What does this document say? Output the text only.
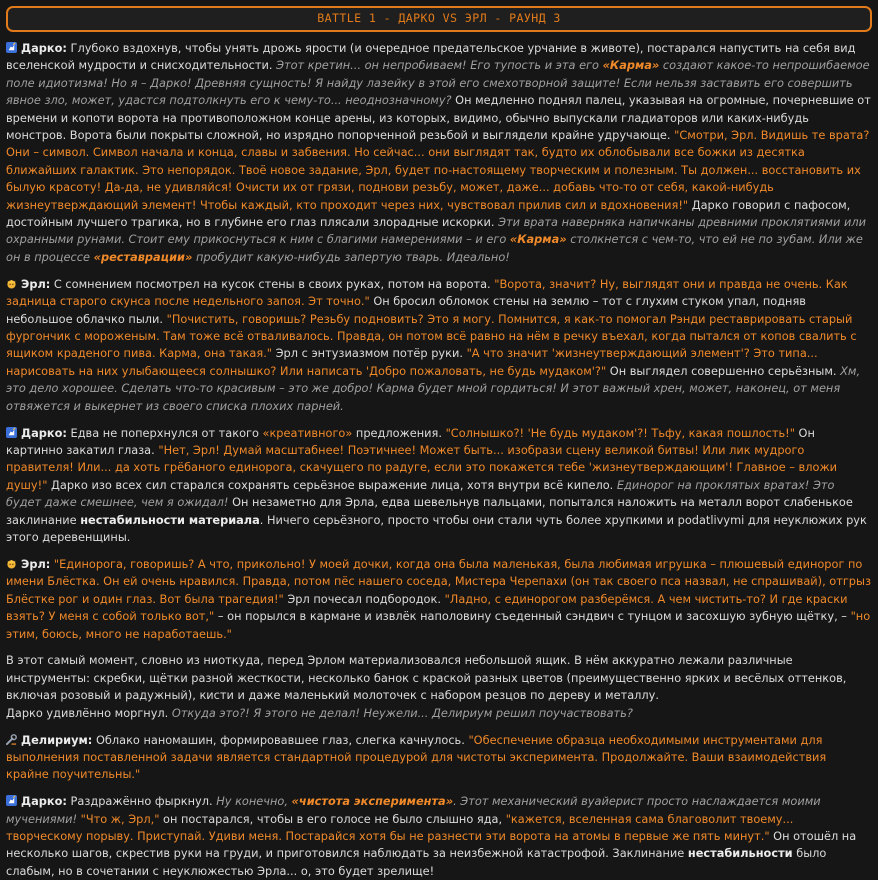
BATTLE 1 - ДАРКО VS ЭРЛ - РАУНД 3
Дарко: Глубоко вздохнув, чтобы унять дрожь ярости (и очередное предательское урчание в животе), постарался напустить на себя вид вселенской мудрости и снисходительности. Этот кретин... он непробиваем! Его тупость и эта его «Карма» создают какое-то непрошибаемое поле идиотизма! Но я – Дарко! Древняя сущность! Я найду лазейку в этой его смехотворной защите! Если нельзя заставить его совершить явное зло, может, удастся подтолкнуть его к чему-то... неоднозначному? Он медленно поднял палец, указывая на огромные, почерневшие от времени и копоти ворота на противоположном конце арены, из которых, видимо, обычно выпускали гладиаторов или каких-нибудь монстров. Ворота были покрыты сложной, но изрядно попорченной резьбой и выглядели крайне удручающе. "Смотри, Эрл. Видишь те врата? Они – символ. Символ начала и конца, славы и забвения. Но сейчас... они выглядят так, будто их облобывали все божки из десятка ближайших галактик. Это непорядок. Твоё новое задание, Эрл, будет по-настоящему творческим и полезным. Ты должен... восстановить их былую красоту! Да-да, не удивляйся! Очисти их от грязи, поднови резьбу, может, даже... добавь что-то от себя, какой-нибудь жизнеутверждающий элемент! Чтобы каждый, кто проходит через них, чувствовал прилив сил и вдохновения!" Дарко говорил с пафосом, достойным лучшего трагика, но в глубине его глаз плясали злорадные искорки. Эти врата наверняка напичканы древними проклятиями или охранными рунами. Стоит ему прикоснуться к ним с благими намерениями – и его «Карма» столкнется с чем-то, что ей не по зубам. Или же он в процессе «реставрации» пробудит какую-нибудь запертую тварь. Идеально!
Эрл: С сомнением посмотрел на кусок стены в своих руках, потом на ворота. "Ворота, значит? Ну, выглядят они и правда не очень. Как задница старого скунса после недельного запоя. Эт точно." Он бросил обломок стены на землю – тот с глухим стуком упал, подняв небольшое облачко пыли. "Почистить, говоришь? Резьбу подновить? Это я могу. Помнится, я как-то помогал Рэнди реставрировать старый фургончик с мороженым. Там тоже всё отваливалось. Правда, он потом всё равно на нём в речку въехал, когда пытался от копов свалить с ящиком краденого пива. Карма, она такая." Эрл с энтузиазмом потёр руки. "А что значит 'жизнеутверждающий элемент'? Это типа... нарисовать на них улыбающееся солнышко? Или написать 'Добро пожаловать, не будь мудаком'?" Он выглядел совершенно серьёзным. Хм, это дело хорошее. Сделать что-то красивым – это же добро! Карма будет мной гордиться! И этот важный хрен, может, наконец, от меня отвяжется и выкернет из своего списка плохих парней.
Дарко: Едва не поперхнулся от такого «креативного» предложения. "Солнышко?! 'Не будь мудаком'?! Тьфу, какая пошлость!" Он картинно закатил глаза. "Нет, Эрл! Думай масштабнее! Поэтичнее! Может быть... изобрази сцену великой битвы! Или лик мудрого правителя! Или... да хоть грёбаного единорога, скачущего по радуге, если это покажется тебе 'жизнеутверждающим'! Главное – вложи душу!" Дарко изо всех сил старался сохранять серьёзное выражение лица, хотя внутри всё кипело. Единорог на проклятых вратах! Это будет даже смешнее, чем я ожидал! Он незаметно для Эрла, едва шевельнув пальцами, попытался наложить на металл ворот слабенькое заклинание нестабильности материала. Ничего серьёзного, просто чтобы они стали чуть более хрупкими и podatlivymi для неуклюжих рук этого деревенщины.
Эрл: "Единорога, говоришь? А что, прикольно! У моей дочки, когда она была маленькая, была любимая игрушка – плюшевый единорог по имени Блёстка. Он ей очень нравился. Правда, потом пёс нашего соседа, Мистера Черепахи (он так своего пса назвал, не спрашивай), отгрыз Блёстке рог и один глаз. Вот была трагедия!" Эрл почесал подбородок. "Ладно, с единорогом разберёмся. А чем чистить-то? И где краски взять? У меня с собой только вот," – он порылся в кармане и извлёк наполовину съеденный сэндвич с тунцом и засохшую зубную щётку, – "но этим, боюсь, много не наработаешь."
В этот самый момент, словно из ниоткуда, перед Эрлом материализовался небольшой ящик. В нём аккуратно лежали различные инструменты: скребки, щётки разной жесткости, несколько банок с краской разных цветов (преимущественно ярких и весёлых оттенков, включая розовый и радужный), кисти и даже маленький молоточек с набором резцов по дереву и металлу.
Дарко удивлённо моргнул. Откуда это?! Я этого не делал! Неужели... Делириум решил поучаствовать?
Делириум: Облако наномашин, формировавшее глаз, слегка качнулось. "Обеспечение образца необходимыми инструментами для выполнения поставленной задачи является стандартной процедурой для чистоты эксперимента. Продолжайте. Ваши взаимодействия крайне поучительны."
Дарко: Раздражённо фыркнул. Ну конечно, «чистота эксперимента». Этот механический вуайерист просто наслаждается моими мучениями! "Что ж, Эрл," он постарался, чтобы в его голосе не было слышно яда, "кажется, вселенная сама благоволит твоему... творческому порыву. Приступай. Удиви меня. Постарайся хотя бы не разнести эти ворота на атомы в первые же пять минут." Он отошёл на несколько шагов, скрестив руки на груди, и приготовился наблюдать за неизбежной катастрофой. Заклинание нестабильности было слабым, но в сочетании с неуклюжестью Эрла... о, это будет зрелище!
